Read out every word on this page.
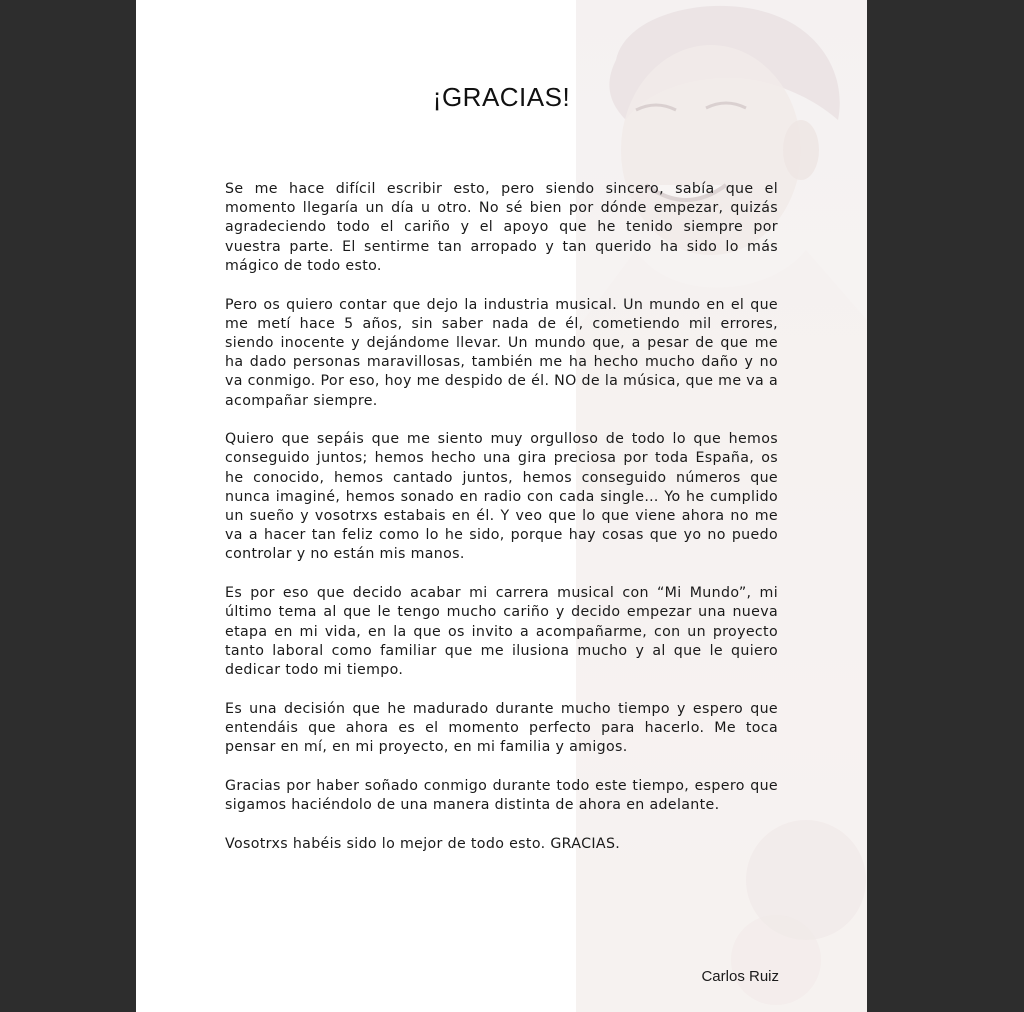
¡GRACIAS!

Se me hace difícil escribir esto, pero siendo sincero, sabía que el momento llegaría un día u otro. No sé bien por dónde empezar, quizás agradeciendo todo el cariño y el apoyo que he tenido siempre por vuestra parte. El sentirme tan arropado y tan querido ha sido lo más mágico de todo esto.

Pero os quiero contar que dejo la industria musical. Un mundo en el que me metí hace 5 años, sin saber nada de él, cometiendo mil errores, siendo inocente y dejándome llevar. Un mundo que, a pesar de que me ha dado personas maravillosas, también me ha hecho mucho daño y no va conmigo. Por eso, hoy me despido de él. NO de la música, que me va a acompañar siempre.

Quiero que sepáis que me siento muy orgulloso de todo lo que hemos conseguido juntos; hemos hecho una gira preciosa por toda España, os he conocido, hemos cantado juntos, hemos conseguido números que nunca imaginé, hemos sonado en radio con cada single… Yo he cumplido un sueño y vosotrxs estabais en él. Y veo que lo que viene ahora no me va a hacer tan feliz como lo he sido, porque hay cosas que yo no puedo controlar y no están mis manos.

Es por eso que decido acabar mi carrera musical con “Mi Mundo”, mi último tema al que le tengo mucho cariño y decido empezar una nueva etapa en mi vida, en la que os invito a acompañarme, con un proyecto tanto laboral como familiar que me ilusiona mucho y al que le quiero dedicar todo mi tiempo.

Es una decisión que he madurado durante mucho tiempo y espero que entendáis que ahora es el momento perfecto para hacerlo. Me toca pensar en mí, en mi proyecto, en mi familia y amigos.

Gracias por haber soñado conmigo durante todo este tiempo, espero que sigamos haciéndolo de una manera distinta de ahora en adelante.

Vosotrxs habéis sido lo mejor de todo esto. GRACIAS.

Carlos Ruiz
